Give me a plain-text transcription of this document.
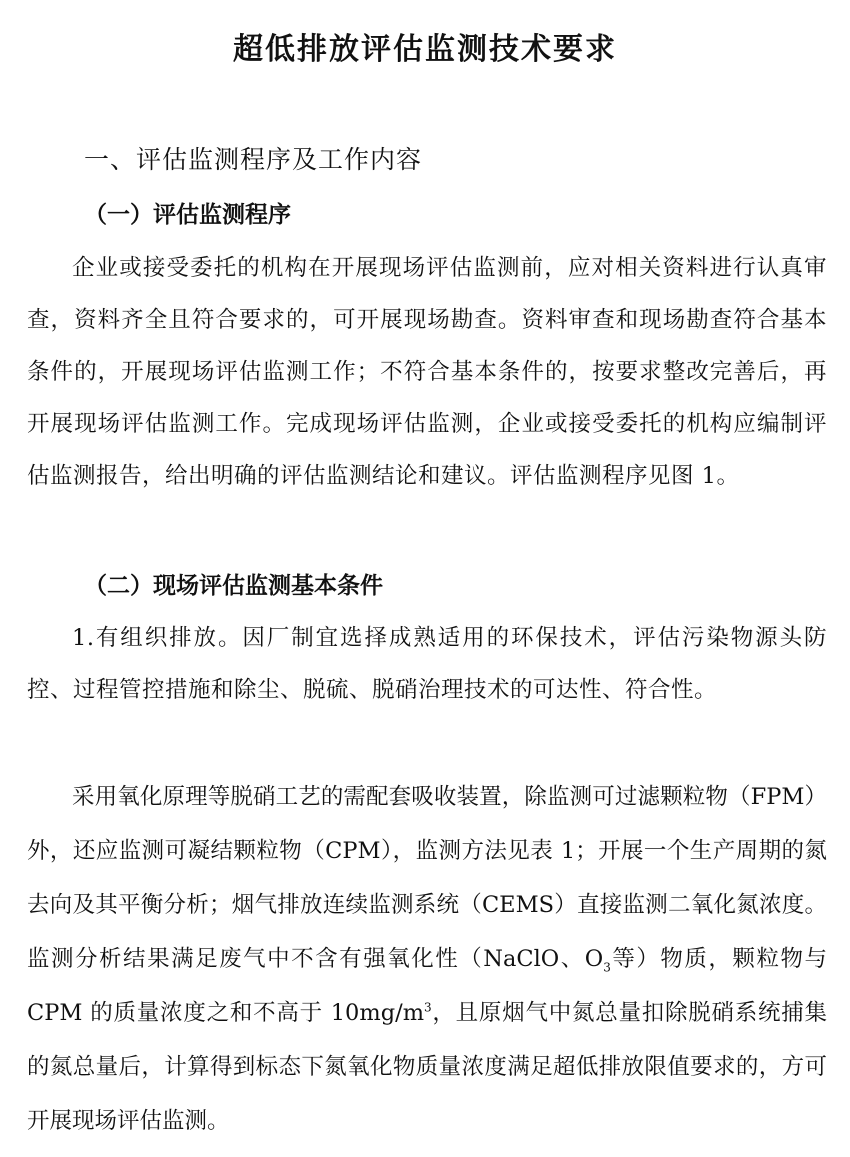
超低排放评估监测技术要求
一、评估监测程序及工作内容
（一）评估监测程序

企业或接受委托的机构在开展现场评估监测前，应对相关资料进行认真审查，资料齐全且符合要求的，可开展现场勘查。资料审查和现场勘查符合基本条件的，开展现场评估监测工作；不符合基本条件的，按要求整改完善后，再开展现场评估监测工作。完成现场评估监测，企业或接受委托的机构应编制评估监测报告，给出明确的评估监测结论和建议。评估监测程序见图 1。

（二）现场评估监测基本条件

1.有组织排放。因厂制宜选择成熟适用的环保技术，评估污染物源头防控、过程管控措施和除尘、脱硫、脱硝治理技术的可达性、符合性。

采用氧化原理等脱硝工艺的需配套吸收装置，除监测可过滤颗粒物（FPM）外，还应监测可凝结颗粒物（CPM），监测方法见表 1；开展一个生产周期的氮去向及其平衡分析；烟气排放连续监测系统（CEMS）直接监测二氧化氮浓度。监测分析结果满足废气中不含有强氧化性（NaClO、$O_3$等）物质，颗粒物与 CPM 的质量浓度之和不高于 $10mg/m^3$，且原烟气中氮总量扣除脱硝系统捕集的氮总量后，计算得到标态下氮氧化物质量浓度满足超低排放限值要求的，方可开展现场评估监测。
